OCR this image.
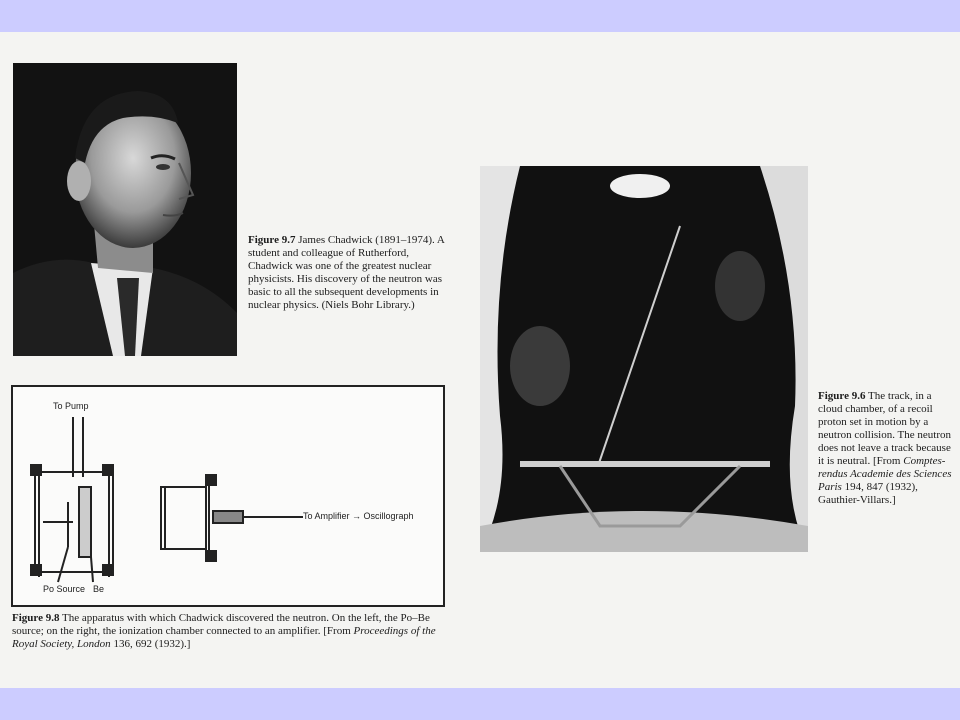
Figure 9.7 James Chadwick (1891–1974). A student and colleague of Rutherford, Chadwick was one of the greatest nuclear physicists. His discovery of the neutron was basic to all the subsequent developments in nuclear physics. (Niels Bohr Library.)
To Pump
Po Source Be
To Amplifier → Oscillograph
Figure 9.8 The apparatus with which Chadwick discovered the neutron. On the left, the Po–Be source; on the right, the ionization chamber connected to an amplifier. [From Proceedings of the Royal Society, London 136, 692 (1932).]
Figure 9.6 The track, in a cloud chamber, of a recoil proton set in motion by a neutron collision. The neutron does not leave a track because it is neutral. [From Comptes-rendus Academie des Sciences Paris 194, 847 (1932), Gauthier-Villars.]
